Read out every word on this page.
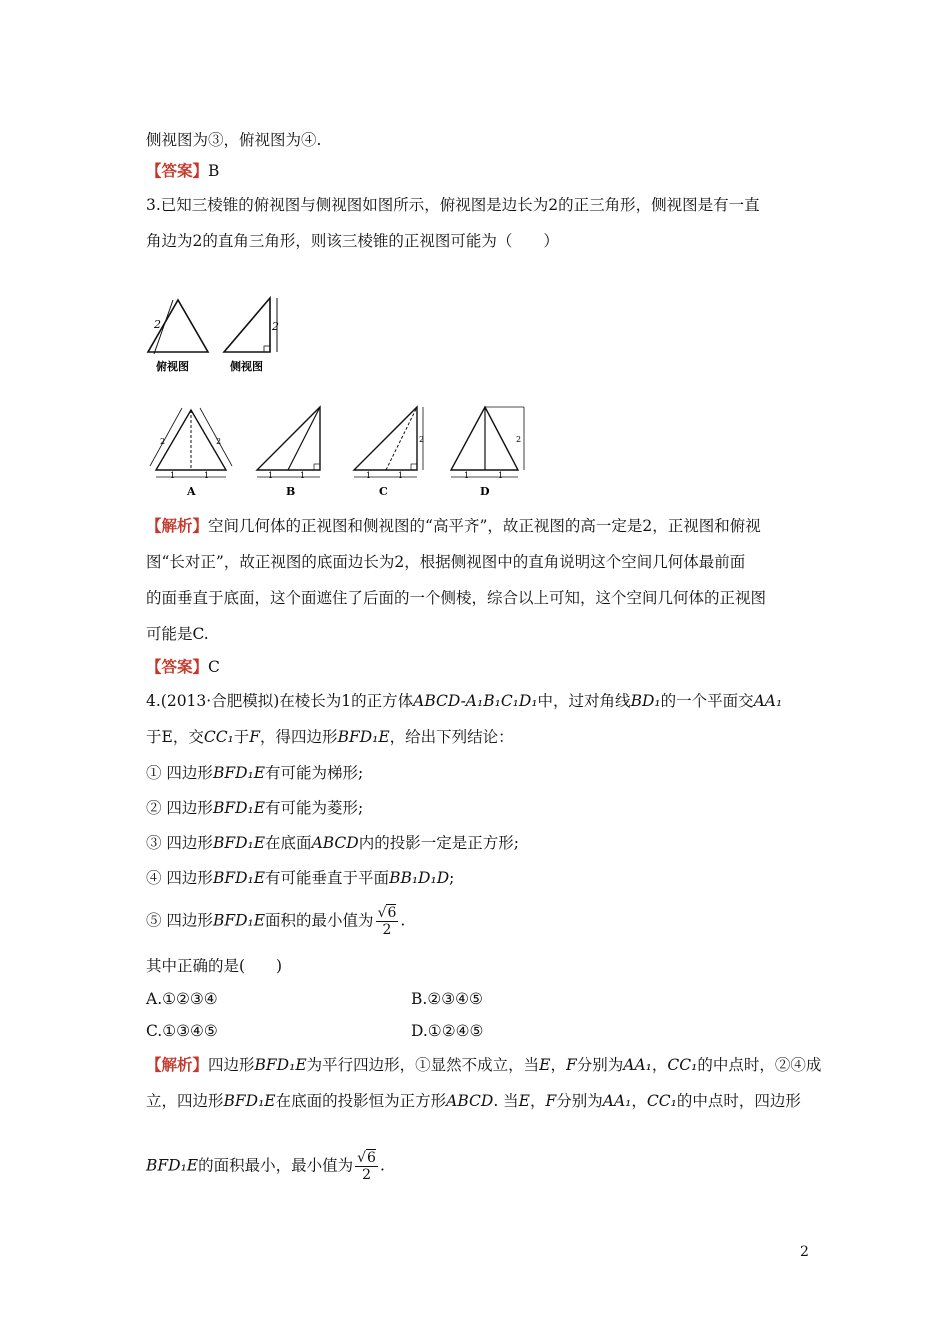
侧视图为③，俯视图为④.
【答案】B
3.已知三棱锥的俯视图与侧视图如图所示，俯视图是边长为2的正三角形，侧视图是有一直
角边为2的直角三角形，则该三棱锥的正视图可能为（　　）
2
俯视图
2
侧视图
2	2
1	1
A
1	1
B
2
1	1
C
2
1	1
D
【解析】空间几何体的正视图和侧视图的“高平齐”，故正视图的高一定是2，正视图和俯视
图“长对正”，故正视图的底面边长为2，根据侧视图中的直角说明这个空间几何体最前面
的面垂直于底面，这个面遮住了后面的一个侧棱，综合以上可知，这个空间几何体的正视图
可能是C.
【答案】C
4.(2013·合肥模拟)在棱长为1的正方体ABCD-A₁B₁C₁D₁中，过对角线BD₁的一个平面交AA₁
于E，交CC₁于F，得四边形BFD₁E，给出下列结论：
① 四边形BFD₁E有可能为梯形;
② 四边形BFD₁E有可能为菱形;
③ 四边形BFD₁E在底面ABCD内的投影一定是正方形;
④ 四边形BFD₁E有可能垂直于平面BB₁D₁D;
⑤ 四边形BFD₁E面积的最小值为 $\frac{√6}{2}$ .
其中正确的是(　　)
A.①②③④	B.②③④⑤
C.①③④⑤	D.①②④⑤
【解析】四边形BFD₁E为平行四边形，①显然不成立，当E，F分别为AA₁，CC₁的中点时，②④成
立，四边形BFD₁E在底面的投影恒为正方形ABCD. 当E，F分别为AA₁，CC₁的中点时，四边形
BFD₁E的面积最小，最小值为 $\frac{√6}{2}$ .
2
